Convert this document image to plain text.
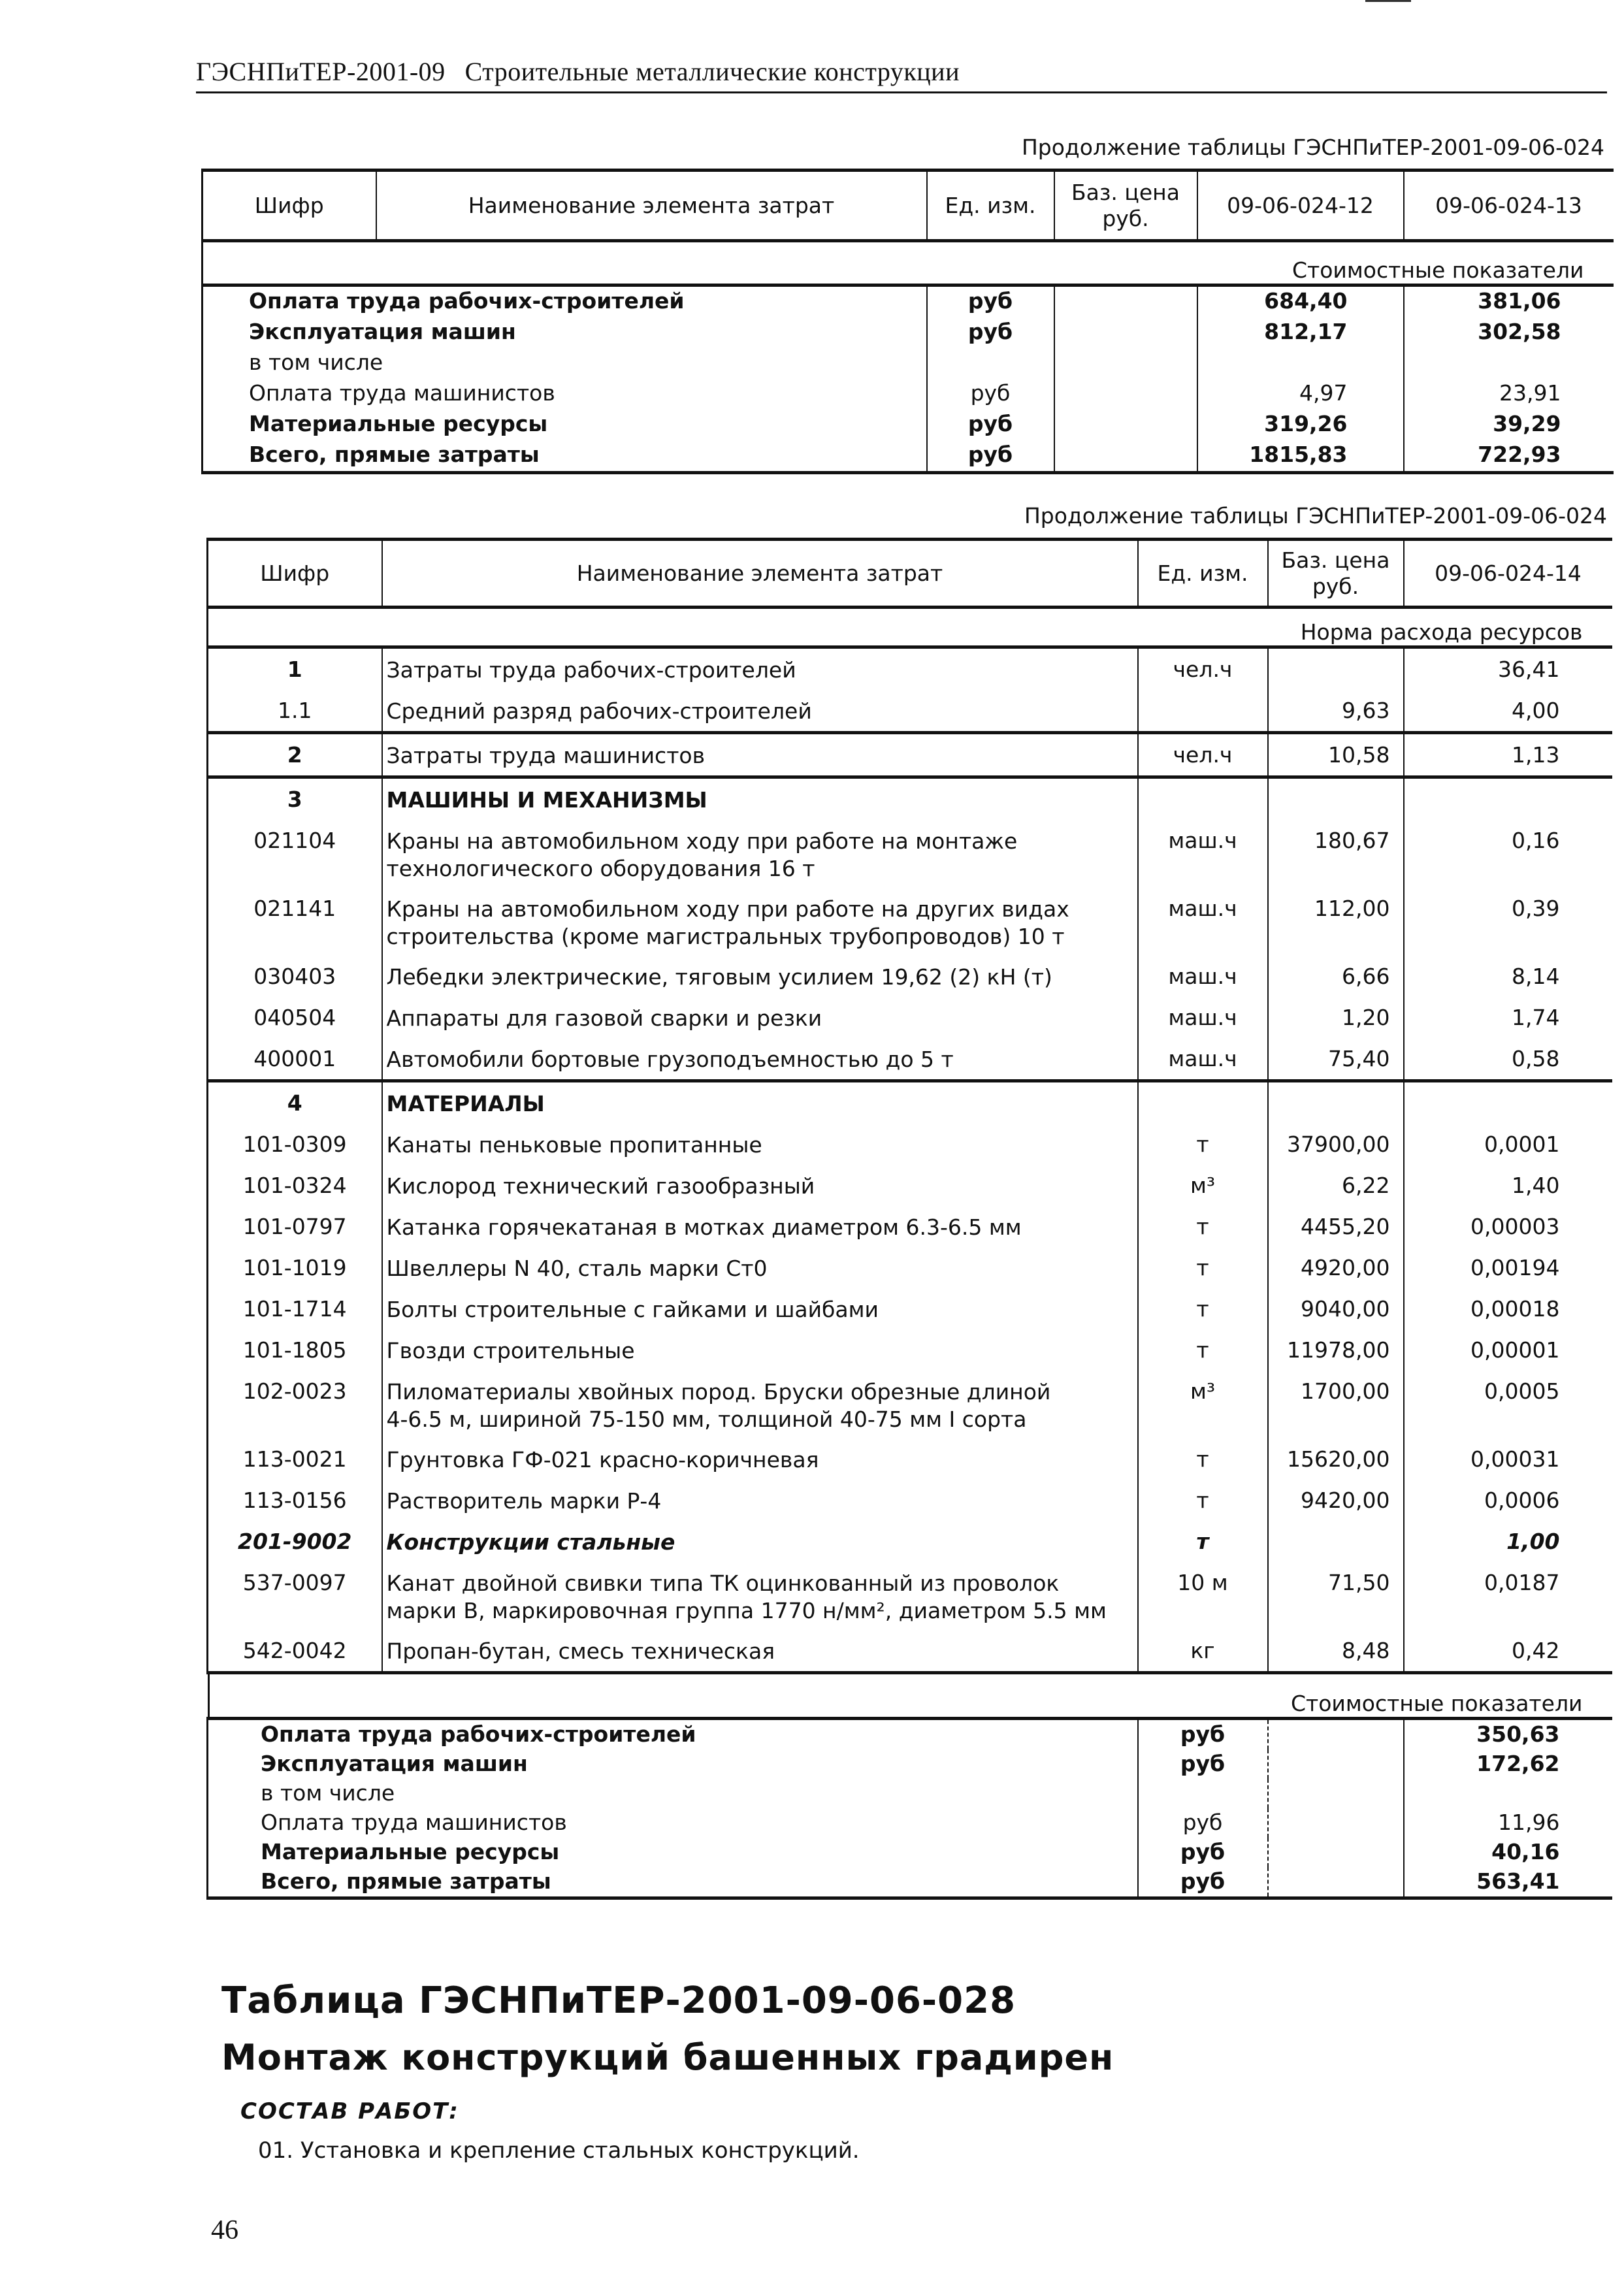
ГЭСНПиТЕР-2001-09 Строительные металлические конструкции
Продолжение таблицы ГЭСНПиТЕР-2001-09-06-024
Шифр	Наименование элемента затрат	Ед. изм.	Баз. цена руб.	09-06-024-12	09-06-024-13
Стоимостные показатели					
Оплата труда рабочих-строителей		руб		684,40	381,06
Эксплуатация машин		руб		812,17	302,58
в том числе					
Оплата труда машинистов		руб		4,97	23,91
Материальные ресурсы		руб		319,26	39,29
Всего, прямые затраты		руб		1815,83	722,93
Продолжение таблицы ГЭСНПиТЕР-2001-09-06-024
Шифр	Наименование элемента затрат	Ед. изм.	Баз. цена руб.	09-06-024-14
Норма расхода ресурсов				
1	Затраты труда рабочих-строителей	чел.ч		36,41
1.1	Средний разряд рабочих-строителей		9,63	4,00
2	Затраты труда машинистов	чел.ч	10,58	1,13
3	МАШИНЫ И МЕХАНИЗМЫ			
021104	Краны на автомобильном ходу при работе на монтаже
технологического оборудования 16 т	маш.ч	180,67	0,16
021141	Краны на автомобильном ходу при работе на других видах
строительства (кроме магистральных трубопроводов) 10 т	маш.ч	112,00	0,39
030403	Лебедки электрические, тяговым усилием 19,62 (2) кН (т)	маш.ч	6,66	8,14
040504	Аппараты для газовой сварки и резки	маш.ч	1,20	1,74
400001	Автомобили бортовые грузоподъемностью до 5 т	маш.ч	75,40	0,58
4	МАТЕРИАЛЫ			
101-0309	Канаты пеньковые пропитанные	т	37900,00	0,0001
101-0324	Кислород технический газообразный	м³	6,22	1,40
101-0797	Катанка горячекатаная в мотках диаметром 6.3-6.5 мм	т	4455,20	0,00003
101-1019	Швеллеры N 40, сталь марки Ст0	т	4920,00	0,00194
101-1714	Болты строительные с гайками и шайбами	т	9040,00	0,00018
101-1805	Гвозди строительные	т	11978,00	0,00001
102-0023	Пиломатериалы хвойных пород. Бруски обрезные длиной
4-6.5 м, шириной 75-150 мм, толщиной 40-75 мм I сорта	м³	1700,00	0,0005
113-0021	Грунтовка ГФ-021 красно-коричневая	т	15620,00	0,00031
113-0156	Растворитель марки Р-4	т	9420,00	0,0006
201-9002	Конструкции стальные	т		1,00
537-0097	Канат двойной свивки типа ТК оцинкованный из проволок
марки В, маркировочная группа 1770 н/мм², диаметром 5.5 мм	10 м	71,50	0,0187
542-0042	Пропан-бутан, смесь техническая	кг	8,48	0,42
Стоимостные показатели				
Оплата труда рабочих-строителей		руб		350,63
Эксплуатация машин		руб		172,62
в том числе				
Оплата труда машинистов		руб		11,96
Материальные ресурсы		руб		40,16
Всего, прямые затраты		руб		563,41
Таблица ГЭСНПиТЕР-2001-09-06-028
Монтаж конструкций башенных градирен
СОСТАВ РАБОТ:
01. Установка и крепление стальных конструкций.
46
